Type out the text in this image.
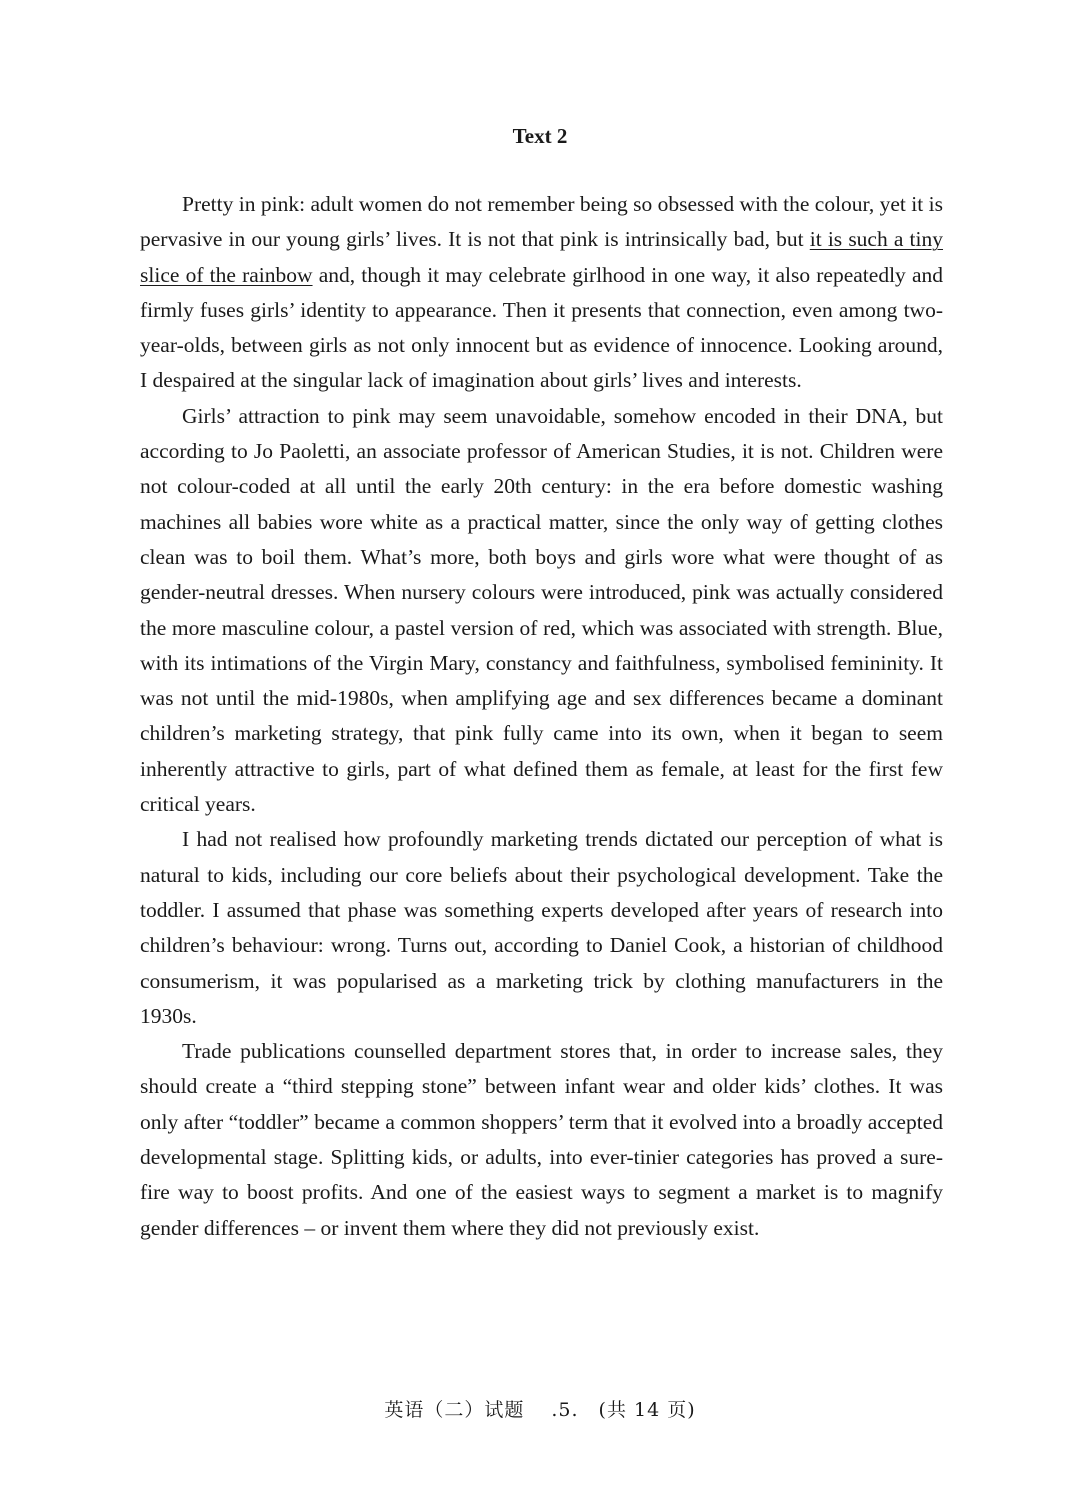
Text 2

Pretty in pink: adult women do not remember being so obsessed with the colour, yet it is pervasive in our young girls’ lives. It is not that pink is intrinsically bad, but it is such a tiny slice of the rainbow and, though it may celebrate girlhood in one way, it also repeatedly and firmly fuses girls’ identity to appearance. Then it presents that connection, even among two-year-olds, between girls as not only innocent but as evidence of innocence. Looking around, I despaired at the singular lack of imagination about girls’ lives and interests.

Girls’ attraction to pink may seem unavoidable, somehow encoded in their DNA, but according to Jo Paoletti, an associate professor of American Studies, it is not. Children were not colour-coded at all until the early 20th century: in the era before domestic washing machines all babies wore white as a practical matter, since the only way of getting clothes clean was to boil them. What’s more, both boys and girls wore what were thought of as gender-neutral dresses. When nursery colours were introduced, pink was actually considered the more masculine colour, a pastel version of red, which was associated with strength. Blue, with its intimations of the Virgin Mary, constancy and faithfulness, symbolised femininity. It was not until the mid-1980s, when amplifying age and sex differences became a dominant children’s marketing strategy, that pink fully came into its own, when it began to seem inherently attractive to girls, part of what defined them as female, at least for the first few critical years.

I had not realised how profoundly marketing trends dictated our perception of what is natural to kids, including our core beliefs about their psychological development. Take the toddler. I assumed that phase was something experts developed after years of research into children’s behaviour: wrong. Turns out, according to Daniel Cook, a historian of childhood consumerism, it was popularised as a marketing trick by clothing manufacturers in the 1930s.

Trade publications counselled department stores that, in order to increase sales, they should create a “third stepping stone” between infant wear and older kids’ clothes. It was only after “toddler” became a common shoppers’ term that it evolved into a broadly accepted developmental stage. Splitting kids, or adults, into ever-tinier categories has proved a sure-fire way to boost profits. And one of the easiest ways to segment a market is to magnify gender differences – or invent them where they did not previously exist.

英语（二）试题　 .5.　(共 14 页)
